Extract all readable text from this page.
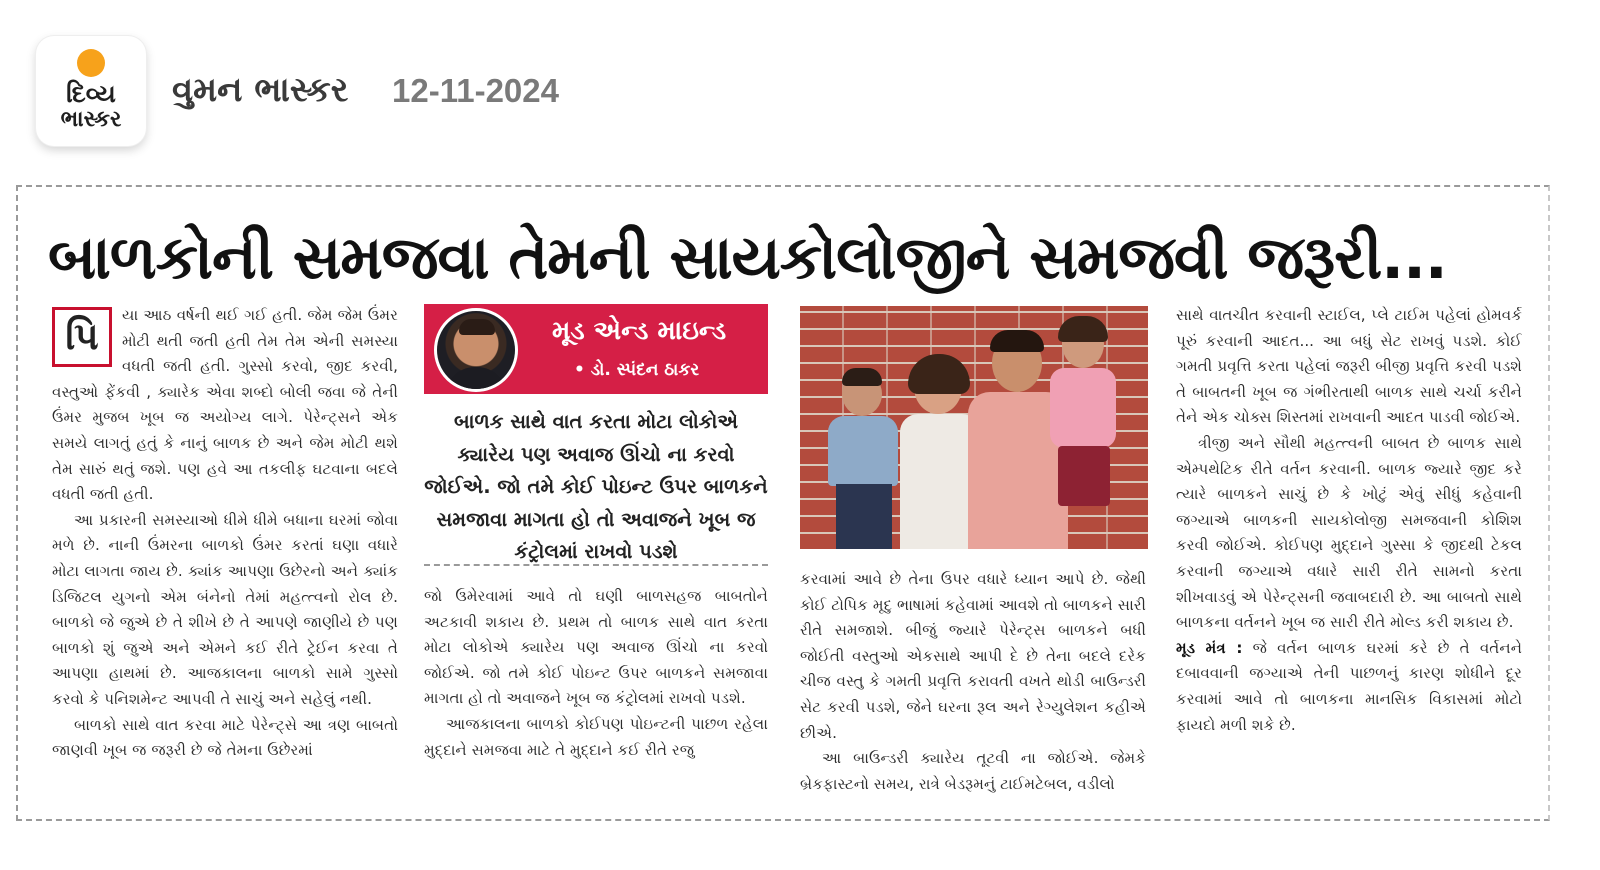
દિવ્ય
ભાસ્કર
વુમન ભાસ્કર 12-11-2024
બાળકોની સમજવા તેમની સાયકોલોજીને સમજવી જરૂરી...
પિ	યા આઠ વર્ષની થઈ ગઈ હતી. જેમ જેમ ઉંમર મોટી થતી જતી હતી તેમ તેમ એની સમસ્યા વધતી જતી હતી. ગુસ્સો કરવો, જીદ કરવી, વસ્તુઓ ફેંકવી , ક્યારેક એવા શબ્દો બોલી જવા જે તેની ઉંમર મુજબ ખૂબ જ અયોગ્ય લાગે. પેરેન્ટ્સને એક સમયે લાગતું હતું કે નાનું બાળક છે અને જેમ મોટી થશે તેમ સારું થતું જશે. પણ હવે આ તકલીફ ઘટવાના બદલે વધતી જતી હતી.

આ પ્રકારની સમસ્યાઓ ધીમે ધીમે બધાના ઘરમાં જોવા મળે છે. નાની ઉંમરના બાળકો ઉંમર કરતાં ઘણા વધારે મોટા લાગતા જાય છે. ક્યાંક આપણા ઉછેરનો અને ક્યાંક ડિજિટલ યુગનો એમ બંનેનો તેમાં મહત્ત્વનો રોલ છે. બાળકો જે જુએ છે તે શીખે છે તે આપણે જાણીયે છે પણ બાળકો શું જુએ અને એમને કઈ રીતે ટ્રેઈન કરવા તે આપણા હાથમાં છે. આજકાલના બાળકો સામે ગુસ્સો કરવો કે પનિશમેન્ટ આપવી તે સાચું અને સહેલું નથી.

બાળકો સાથે વાત કરવા માટે પેરેન્ટ્સે આ ત્રણ બાબતો જાણવી ખૂબ જ જરૂરી છે જે તેમના ઉછેરમાં

મૂડ એન્ડ માઇન્ડ
• ડો. સ્પંદન ઠાકર

બાળક સાથે વાત કરતા મોટા લોકોએ ક્યારેય પણ અવાજ ઊંચો ના કરવો જોઈએ. જો તમે કોઈ પોઇન્ટ ઉપર બાળકને સમજાવા માગતા હો તો અવાજને ખૂબ જ કંટ્રોલમાં રાખવો પડશે

જો ઉમેરવામાં આવે તો ઘણી બાળસહજ બાબતોને અટકાવી શકાય છે. પ્રથમ તો બાળક સાથે વાત કરતા મોટા લોકોએ ક્યારેય પણ અવાજ ઊંચો ના કરવો જોઈએ. જો તમે કોઈ પોઇન્ટ ઉપર બાળકને સમજાવા માગતા હો તો અવાજને ખૂબ જ કંટ્રોલમાં રાખવો પડશે.

આજકાલના બાળકો કોઈપણ પોઇન્ટની પાછળ રહેલા મુદ્દાને સમજવા માટે તે મુદ્દાને કઈ રીતે રજુ

કરવામાં આવે છે તેના ઉપર વધારે ધ્યાન આપે છે. જેથી કોઈ ટોપિક મૃદુ ભાષામાં કહેવામાં આવશે તો બાળકને સારી રીતે સમજાશે. બીજું જ્યારે પેરેન્ટ્સ બાળકને બધી જોઈતી વસ્તુઓ એકસાથે આપી દે છે તેના બદલે દરેક ચીજ વસ્તુ કે ગમતી પ્રવૃત્તિ કરાવતી વખતે થોડી બાઉન્ડરી સેટ કરવી પડશે, જેને ઘરના રૂલ અને રેગ્યુલેશન કહીએ છીએ.

આ બાઉન્ડરી ક્યારેય તૂટવી ના જોઈએ. જેમકે બ્રેકફાસ્ટનો સમય, રાત્રે બેડરૂમનું ટાઈમટેબલ, વડીલો

સાથે વાતચીત કરવાની સ્ટાઈલ, પ્લે ટાઈમ પહેલાં હોમવર્ક પૂરું કરવાની આદત... આ બધું સેટ રાખવું પડશે. કોઈ ગમતી પ્રવૃત્તિ કરતા પહેલાં જરૂરી બીજી પ્રવૃત્તિ કરવી પડશે તે બાબતની ખૂબ જ ગંભીરતાથી બાળક સાથે ચર્ચા કરીને તેને એક ચોક્સ શિસ્તમાં રાખવાની આદત પાડવી જોઈએ.

ત્રીજી અને સૌથી મહત્ત્વની બાબત છે બાળક સાથે એમ્પથેટિક રીતે વર્તન કરવાની. બાળક જ્યારે જીદ કરે ત્યારે બાળકને સાચું છે કે ખોટું એવું સીધું કહેવાની જગ્યાએ બાળકની સાયકોલોજી સમજવાની કોશિશ કરવી જોઈએ. કોઈપણ મુદ્દાને ગુસ્સા કે જીદથી ટેકલ કરવાની જગ્યાએ વધારે સારી રીતે સામનો કરતા શીખવાડવું એ પેરેન્ટ્સની જવાબદારી છે. આ બાબતો સાથે બાળકના વર્તનને ખૂબ જ સારી રીતે મોલ્ડ કરી શકાય છે.

મૂડ મંત્ર : જે વર્તન બાળક ઘરમાં કરે છે તે વર્તનને દબાવવાની જગ્યાએ તેની પાછળનું કારણ શોધીને દૂર કરવામાં આવે તો બાળકના માનસિક વિકાસમાં મોટો ફાયદો મળી શકે છે.
